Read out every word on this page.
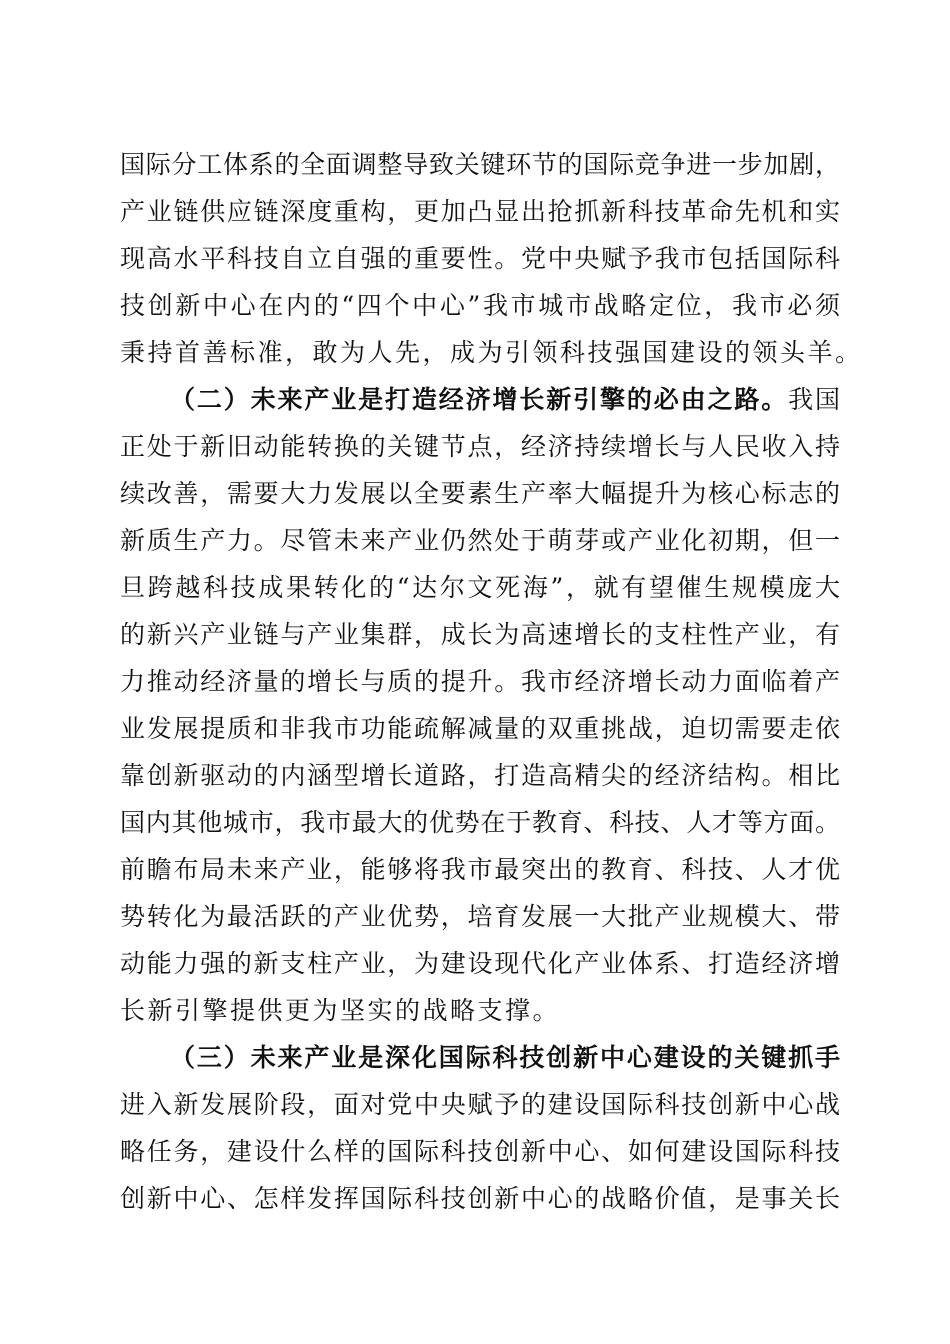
国际分工体系的全面调整导致关键环节的国际竞争进一步加剧，
产业链供应链深度重构，更加凸显出抢抓新科技革命先机和实
现高水平科技自立自强的重要性。党中央赋予我市包括国际科
技创新中心在内的“四个中心”我市城市战略定位，我市必须
秉持首善标准，敢为人先，成为引领科技强国建设的领头羊。
（二）未来产业是打造经济增长新引擎的必由之路。我国
正处于新旧动能转换的关键节点，经济持续增长与人民收入持
续改善，需要大力发展以全要素生产率大幅提升为核心标志的
新质生产力。尽管未来产业仍然处于萌芽或产业化初期，但一
旦跨越科技成果转化的“达尔文死海”，就有望催生规模庞大
的新兴产业链与产业集群，成长为高速增长的支柱性产业，有
力推动经济量的增长与质的提升。我市经济增长动力面临着产
业发展提质和非我市功能疏解减量的双重挑战，迫切需要走依
靠创新驱动的内涵型增长道路，打造高精尖的经济结构。相比
国内其他城市，我市最大的优势在于教育、科技、人才等方面。
前瞻布局未来产业，能够将我市最突出的教育、科技、人才优
势转化为最活跃的产业优势，培育发展一大批产业规模大、带
动能力强的新支柱产业，为建设现代化产业体系、打造经济增
长新引擎提供更为坚实的战略支撑。
（三）未来产业是深化国际科技创新中心建设的关键抓手
进入新发展阶段，面对党中央赋予的建设国际科技创新中心战
略任务，建设什么样的国际科技创新中心、如何建设国际科技
创新中心、怎样发挥国际科技创新中心的战略价值，是事关长
